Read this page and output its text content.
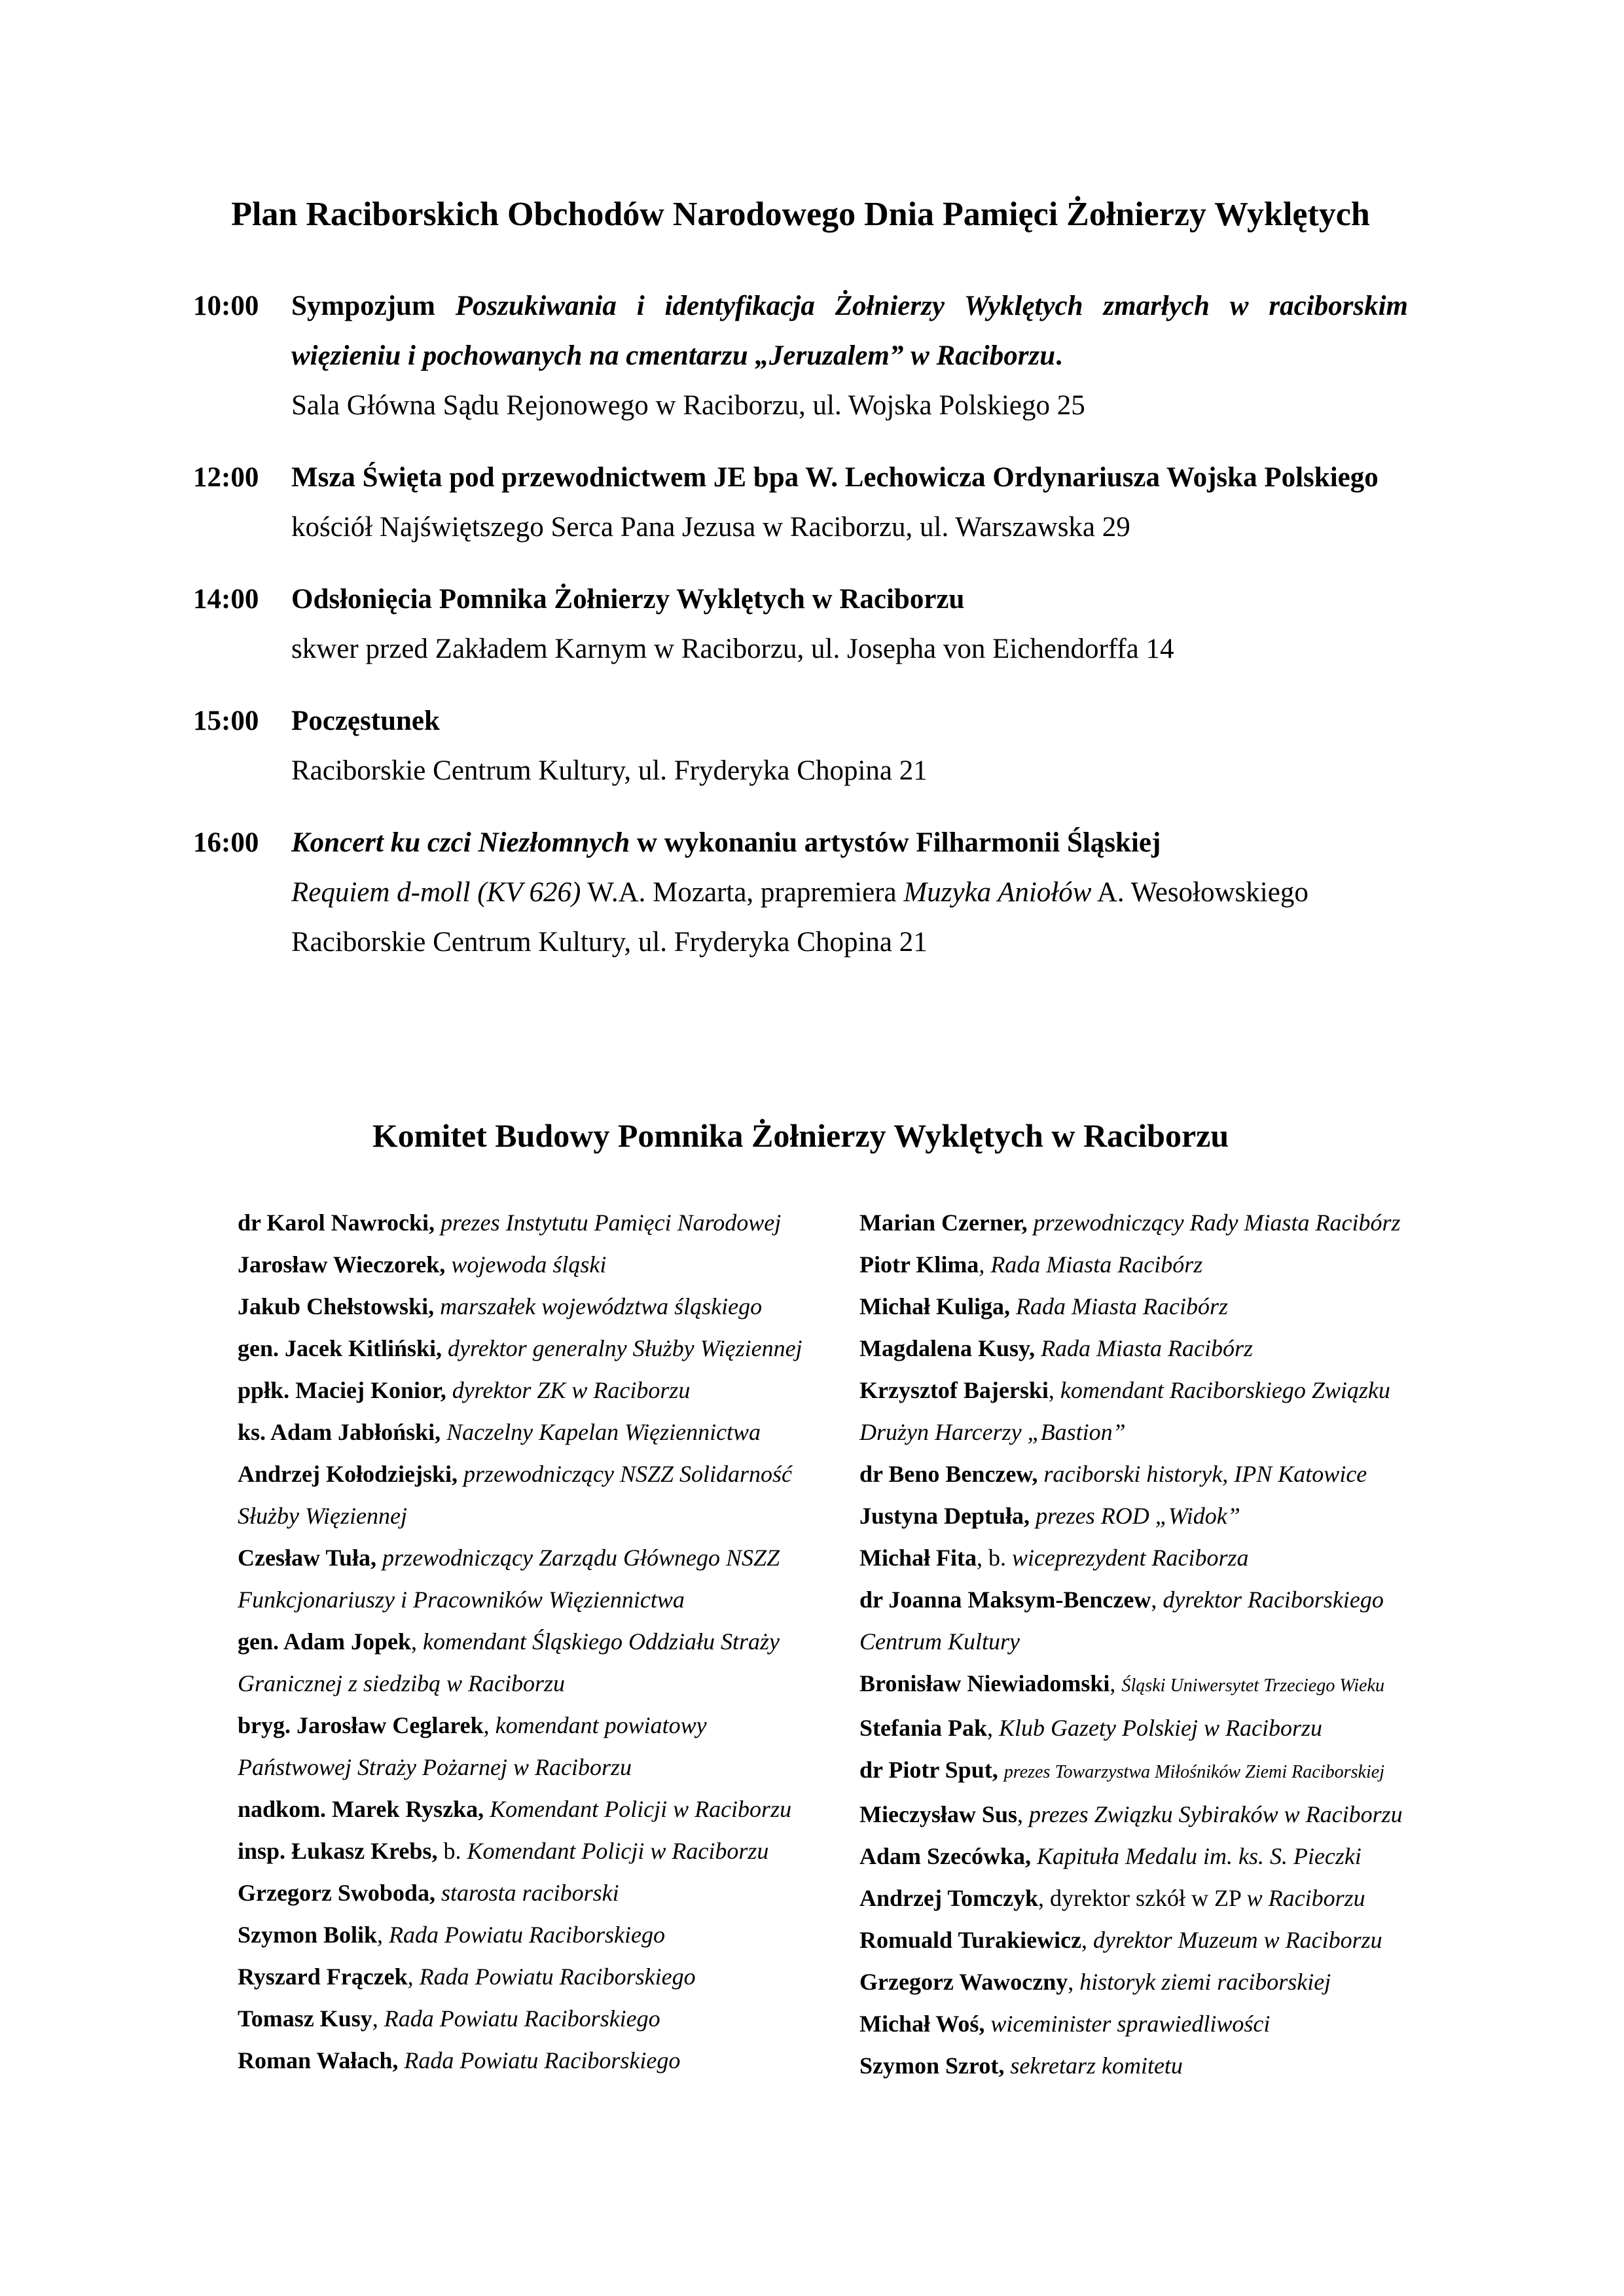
Plan Raciborskich Obchodów Narodowego Dnia Pamięci Żołnierzy Wyklętych
10:00	Sympozjum Poszukiwania i identyfikacja Żołnierzy Wyklętych zmarłych w raciborskim
więzieniu i pochowanych na cmentarzu „Jeruzalem” w Raciborzu.
Sala Główna Sądu Rejonowego w Raciborzu, ul. Wojska Polskiego 25
12:00	Msza Święta pod przewodnictwem JE bpa W. Lechowicza Ordynariusza Wojska Polskiego
kościół Najświętszego Serca Pana Jezusa w Raciborzu, ul. Warszawska 29
14:00	Odsłonięcia Pomnika Żołnierzy Wyklętych w Raciborzu
skwer przed Zakładem Karnym w Raciborzu, ul. Josepha von Eichendorffa 14
15:00	Poczęstunek
Raciborskie Centrum Kultury, ul. Fryderyka Chopina 21
16:00	Koncert ku czci Niezłomnych w wykonaniu artystów Filharmonii Śląskiej
Requiem d-moll (KV 626) W.A. Mozarta, prapremiera Muzyka Aniołów A. Wesołowskiego
Raciborskie Centrum Kultury, ul. Fryderyka Chopina 21
Komitet Budowy Pomnika Żołnierzy Wyklętych w Raciborzu
dr Karol Nawrocki, prezes Instytutu Pamięci Narodowej
Jarosław Wieczorek, wojewoda śląski
Jakub Chełstowski, marszałek województwa śląskiego
gen. Jacek Kitliński, dyrektor generalny Służby Więziennej
ppłk. Maciej Konior, dyrektor ZK w Raciborzu
ks. Adam Jabłoński, Naczelny Kapelan Więziennictwa
Andrzej Kołodziejski, przewodniczący NSZZ Solidarność
Służby Więziennej
Czesław Tuła, przewodniczący Zarządu Głównego NSZZ
Funkcjonariuszy i Pracowników Więziennictwa
gen. Adam Jopek, komendant Śląskiego Oddziału Straży
Granicznej z siedzibą w Raciborzu
bryg. Jarosław Ceglarek, komendant powiatowy
Państwowej Straży Pożarnej w Raciborzu
nadkom. Marek Ryszka, Komendant Policji w Raciborzu
insp. Łukasz Krebs, b. Komendant Policji w Raciborzu
Grzegorz Swoboda, starosta raciborski
Szymon Bolik, Rada Powiatu Raciborskiego
Ryszard Frączek, Rada Powiatu Raciborskiego
Tomasz Kusy, Rada Powiatu Raciborskiego
Roman Wałach, Rada Powiatu Raciborskiego
Marian Czerner, przewodniczący Rady Miasta Racibórz
Piotr Klima, Rada Miasta Racibórz
Michał Kuliga, Rada Miasta Racibórz
Magdalena Kusy, Rada Miasta Racibórz
Krzysztof Bajerski, komendant Raciborskiego Związku
Drużyn Harcerzy „Bastion”
dr Beno Benczew, raciborski historyk, IPN Katowice
Justyna Deptuła, prezes ROD „Widok”
Michał Fita, b. wiceprezydent Raciborza
dr Joanna Maksym-Benczew, dyrektor Raciborskiego
Centrum Kultury
Bronisław Niewiadomski, Śląski Uniwersytet Trzeciego Wieku
Stefania Pak, Klub Gazety Polskiej w Raciborzu
dr Piotr Sput, prezes Towarzystwa Miłośników Ziemi Raciborskiej
Mieczysław Sus, prezes Związku Sybiraków w Raciborzu
Adam Szecówka, Kapituła Medalu im. ks. S. Pieczki
Andrzej Tomczyk, dyrektor szkół w ZP w Raciborzu
Romuald Turakiewicz, dyrektor Muzeum w Raciborzu
Grzegorz Wawoczny, historyk ziemi raciborskiej
Michał Woś, wiceminister sprawiedliwości
Szymon Szrot, sekretarz komitetu
